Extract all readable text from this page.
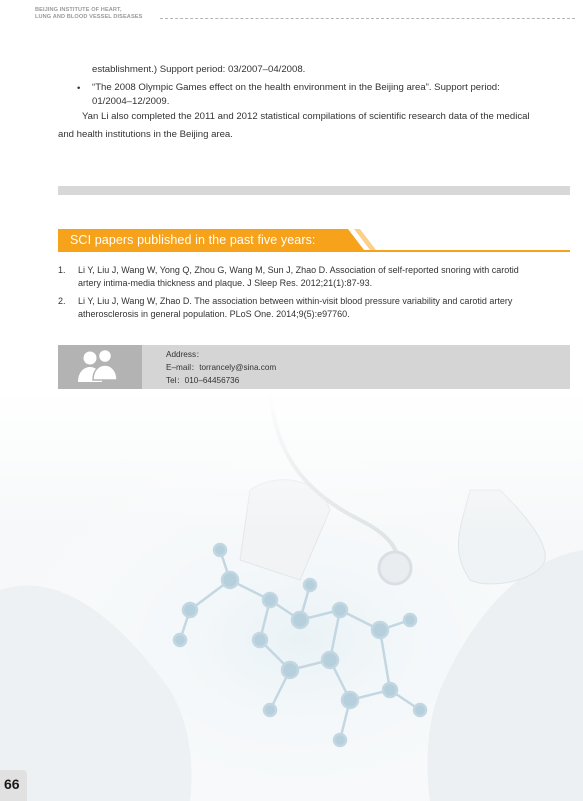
BEIJING INSTITUTE OF HEART,
LUNG AND BLOOD VESSEL DISEASES
establishment.) Support period: 03/2007–04/2008.
• “The 2008 Olympic Games effect on the health environment in the Beijing area”. Support period:
01/2004–12/2009.
Yan Li also completed the 2011 and 2012 statistical compilations of scientific research data of the medical
and health institutions in the Beijing area.
SCI papers published in the past five years:
1. Li Y, Liu J, Wang W, Yong Q, Zhou G, Wang M, Sun J, Zhao D. Association of self-reported snoring with carotid
artery intima-media thickness and plaque. J Sleep Res. 2012;21(1):87-93.
2. Li Y, Liu J, Wang W, Zhao D. The association between within-visit blood pressure variability and carotid artery
atherosclerosis in general population. PLoS One. 2014;9(5):e97760.
Address：
E–mail：torrancely@sina.com
Tel：010–64456736
66
